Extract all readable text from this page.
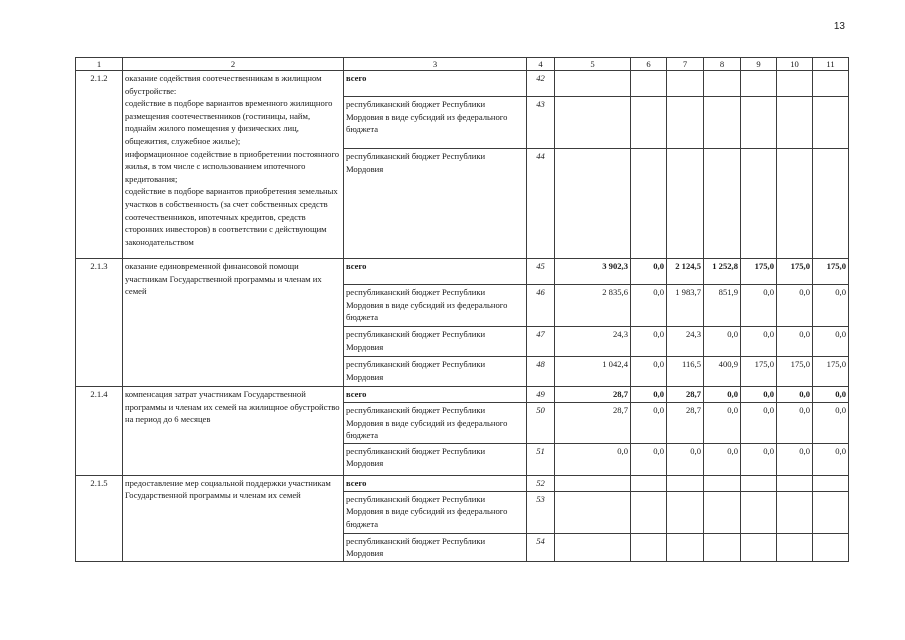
13
1	2	3	4	5	6	7	8	9	10	11
2.1.2	оказание содействия соотечественникам в жилищном обустройстве:
содействие в подборе вариантов временного жилищного размещения соотечественников (гостиницы, найм, поднайм жилого помещения у физических лиц, общежития, служебное жилье);
информационное содействие в приобретении постоянного жилья, в том числе с использованием ипотечного кредитования;
содействие в подборе вариантов приобретения земельных участков в собственность (за счет собственных средств соотечественников, ипотечных кредитов, средств сторонних инвесторов) в соответствии с действующим законодательством	всего	42							
		республиканский бюджет Республики Мордовия в виде субсидий из федерального бюджета	43							
		республиканский бюджет Республики Мордовия	44							
2.1.3	оказание единовременной финансовой помощи участникам Государственной программы и членам их семей	всего	45	3 902,3	0,0	2 124,5	1 252,8	175,0	175,0	175,0
		республиканский бюджет Республики Мордовия в виде субсидий из федерального бюджета	46	2 835,6	0,0	1 983,7	851,9	0,0	0,0	0,0
		республиканский бюджет Республики Мордовия	47	24,3	0,0	24,3	0,0	0,0	0,0	0,0
		республиканский бюджет Республики Мордовия	48	1 042,4	0,0	116,5	400,9	175,0	175,0	175,0
2.1.4	компенсация затрат участникам Государственной программы и членам их семей на жилищное обустройство на период до 6 месяцев	всего	49	28,7	0,0	28,7	0,0	0,0	0,0	0,0
		республиканский бюджет Республики Мордовия в виде субсидий из федерального бюджета	50	28,7	0,0	28,7	0,0	0,0	0,0	0,0
		республиканский бюджет Республики Мордовия	51	0,0	0,0	0,0	0,0	0,0	0,0	0,0
2.1.5	предоставление мер социальной поддержки участникам Государственной программы и членам их семей	всего	52							
		республиканский бюджет Республики Мордовия в виде субсидий из федерального бюджета	53							
		республиканский бюджет Республики Мордовия	54							
